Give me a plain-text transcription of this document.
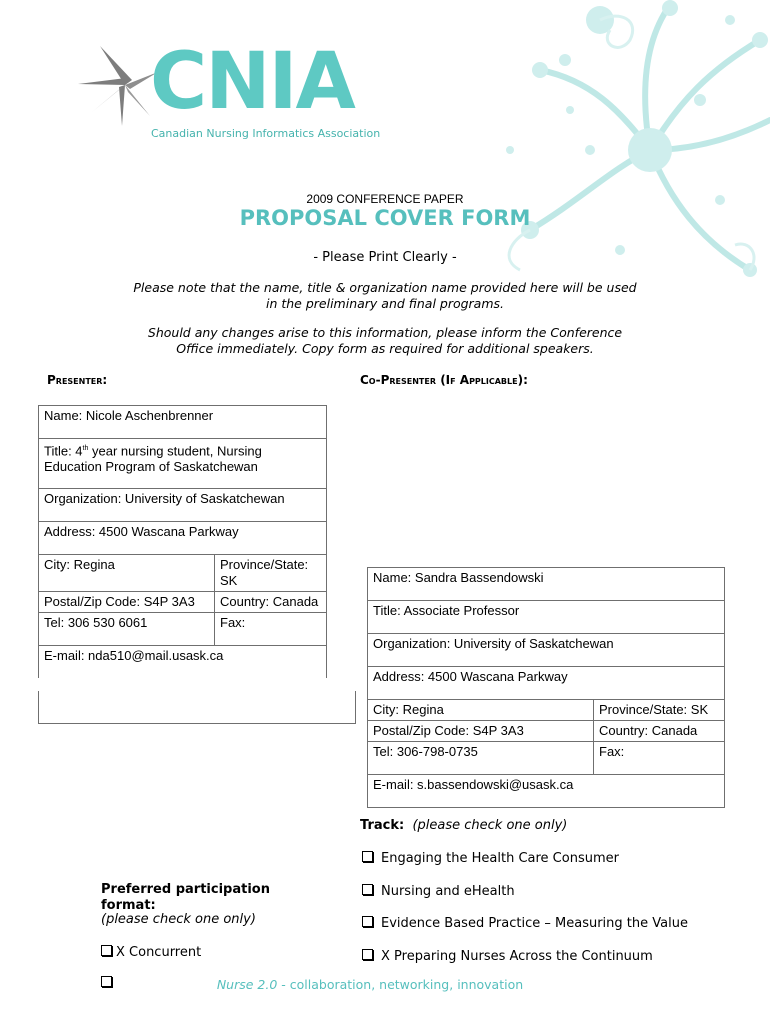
CNIA
Canadian Nursing Informatics Association
2009 CONFERENCE PAPER
PROPOSAL COVER FORM
- Please Print Clearly -
Please note that the name, title & organization name provided here will be used
in the preliminary and final programs.
Should any changes arise to this information, please inform the Conference
Office immediately. Copy form as required for additional speakers.
Presenter:	Co-Presenter (If Applicable):
Name: Nicole Aschenbrenner	
Title: 4th year nursing student, Nursing Education Program of Saskatchewan	
Organization: University of Saskatchewan	
Address: 4500 Wascana Parkway	
City: Regina	Province/State: SK
Postal/Zip Code: S4P 3A3	Country: Canada
Tel: 306 530 6061	Fax:
E-mail: nda510@mail.usask.ca	
Name: Sandra Bassendowski	
Title: Associate Professor	
Organization: University of Saskatchewan	
Address: 4500 Wascana Parkway	
City: Regina	Province/State: SK
Postal/Zip Code: S4P 3A3	Country: Canada
Tel: 306-798-0735	Fax:
E-mail: s.bassendowski@usask.ca	
Track: (please check one only)
Engaging the Health Care Consumer
Nursing and eHealth
Evidence Based Practice – Measuring the Value
X Preparing Nurses Across the Continuum
Preferred participation format:
(please check one only)
X Concurrent
Nurse 2.0 - collaboration, networking, innovation
